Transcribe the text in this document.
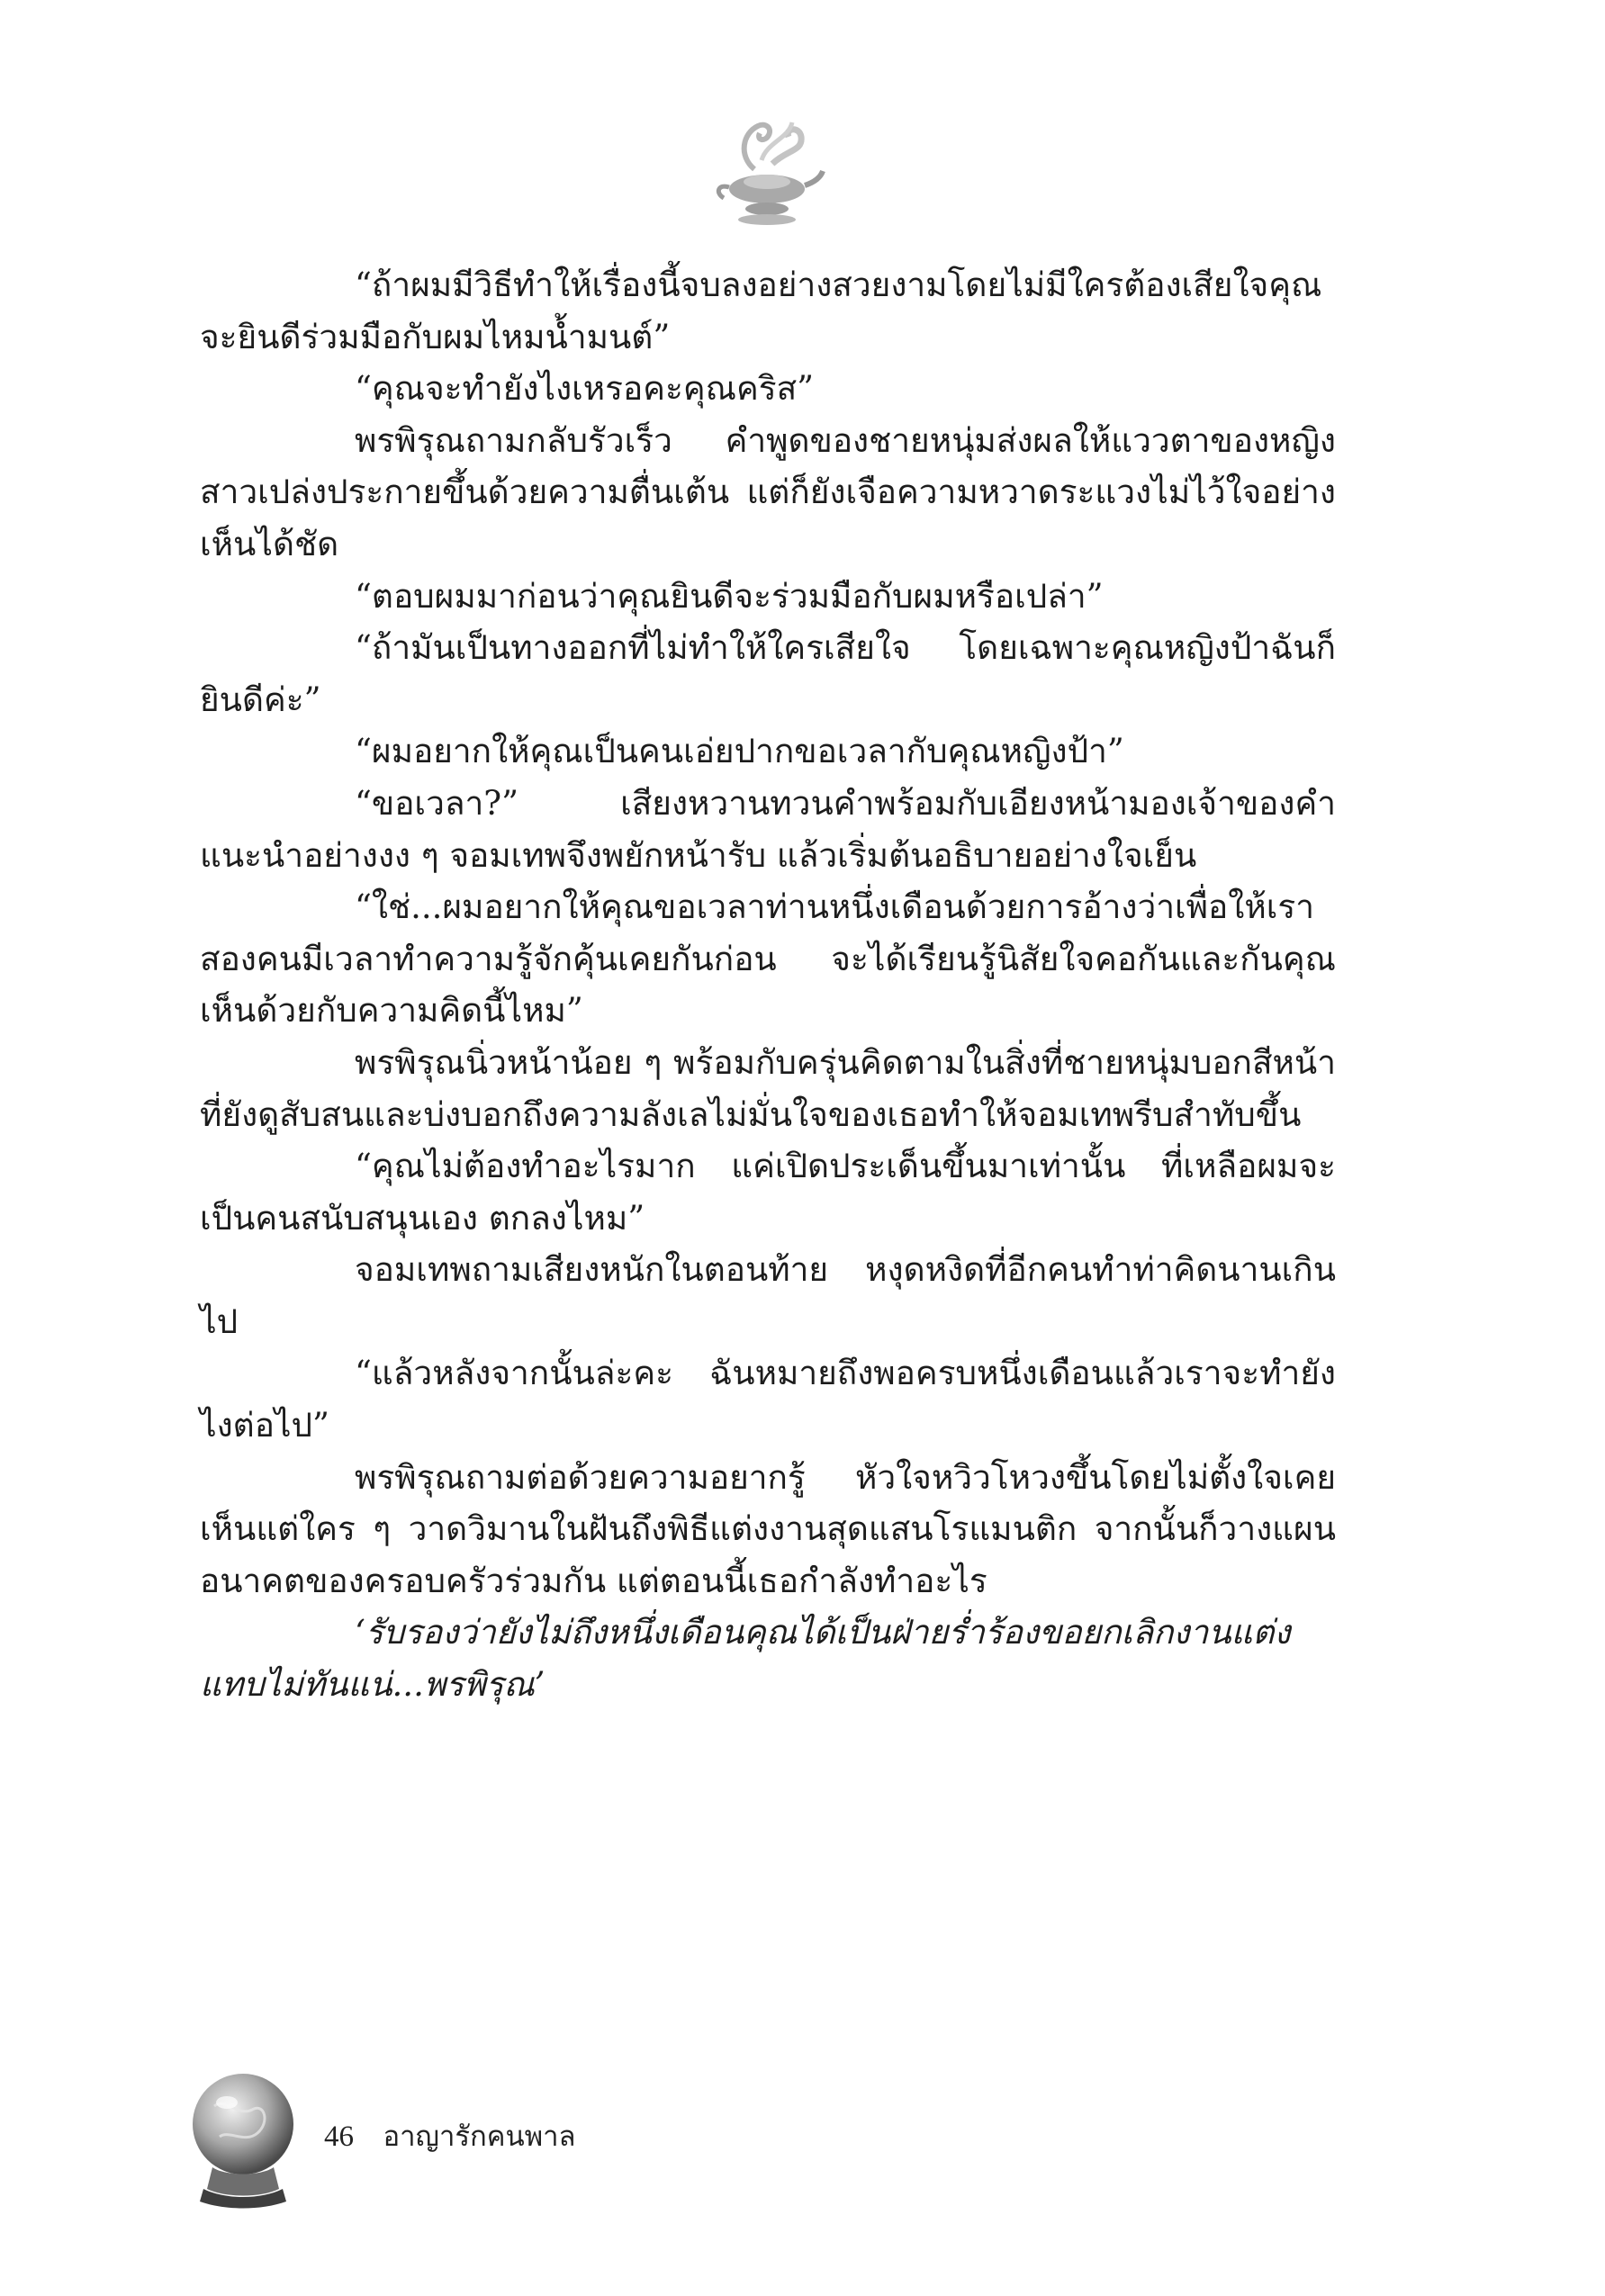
“ถ้าผมมีวิธีทำให้เรื่องนี้จบลงอย่างสวยงามโดยไม่มีใครต้องเสียใจคุณจะยินดีร่วมมือกับผมไหมน้ำมนต์”

“คุณจะทำยังไงเหรอคะคุณคริส”

พรพิรุณถามกลับรัวเร็ว คำพูดของชายหนุ่มส่งผลให้แววตาของหญิงสาวเปล่งประกายขึ้นด้วยความตื่นเต้น แต่ก็ยังเจือความหวาดระแวงไม่ไว้ใจอย่างเห็นได้ชัด

“ตอบผมมาก่อนว่าคุณยินดีจะร่วมมือกับผมหรือเปล่า”

“ถ้ามันเป็นทางออกที่ไม่ทำให้ใครเสียใจ โดยเฉพาะคุณหญิงป้าฉันก็ยินดีค่ะ”

“ผมอยากให้คุณเป็นคนเอ่ยปากขอเวลากับคุณหญิงป้า”

“ขอเวลา?” เสียงหวานทวนคำพร้อมกับเอียงหน้ามองเจ้าของคำแนะนำอย่างงง ๆ จอมเทพจึงพยักหน้ารับ แล้วเริ่มต้นอธิบายอย่างใจเย็น

“ใช่...ผมอยากให้คุณขอเวลาท่านหนึ่งเดือนด้วยการอ้างว่าเพื่อให้เราสองคนมีเวลาทำความรู้จักคุ้นเคยกันก่อน จะได้เรียนรู้นิสัยใจคอกันและกันคุณเห็นด้วยกับความคิดนี้ไหม”

พรพิรุณนิ่วหน้าน้อย ๆ พร้อมกับครุ่นคิดตามในสิ่งที่ชายหนุ่มบอกสีหน้าที่ยังดูสับสนและบ่งบอกถึงความลังเลไม่มั่นใจของเธอทำให้จอมเทพรีบสำทับขึ้น

“คุณไม่ต้องทำอะไรมาก แค่เปิดประเด็นขึ้นมาเท่านั้น ที่เหลือผมจะเป็นคนสนับสนุนเอง ตกลงไหม”

จอมเทพถามเสียงหนักในตอนท้าย หงุดหงิดที่อีกคนทำท่าคิดนานเกินไป

“แล้วหลังจากนั้นล่ะคะ ฉันหมายถึงพอครบหนึ่งเดือนแล้วเราจะทำยังไงต่อไป”

พรพิรุณถามต่อด้วยความอยากรู้ หัวใจหวิวโหวงขึ้นโดยไม่ตั้งใจเคยเห็นแต่ใคร ๆ วาดวิมานในฝันถึงพิธีแต่งงานสุดแสนโรแมนติก จากนั้นก็วางแผนอนาคตของครอบครัวร่วมกัน แต่ตอนนี้เธอกำลังทำอะไร

‘รับรองว่ายังไม่ถึงหนึ่งเดือนคุณได้เป็นฝ่ายร่ำร้องขอยกเลิกงานแต่งแทบไม่ทันแน่...พรพิรุณ’

46 อาญารักคนพาล
